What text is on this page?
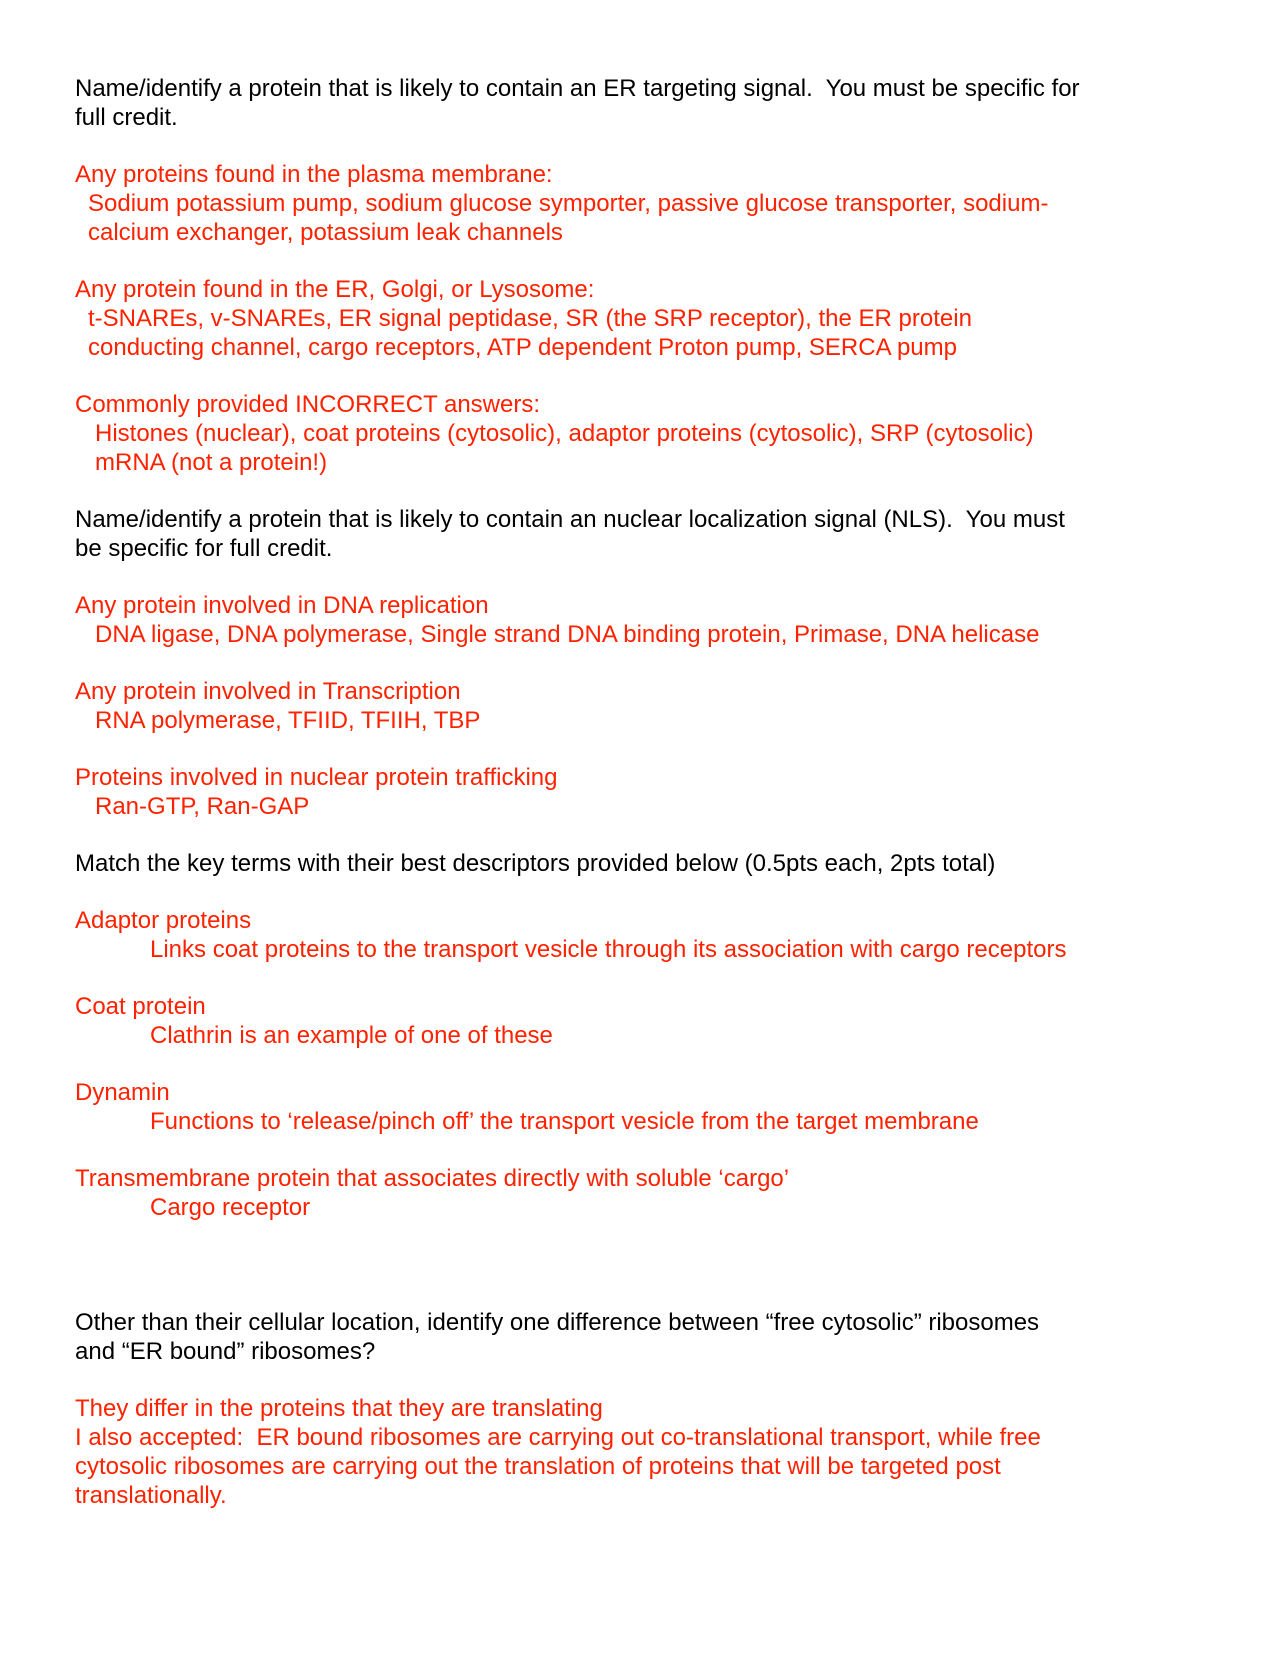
Name/identify a protein that is likely to contain an ER targeting signal.  You must be specific for

full credit.

Any proteins found in the plasma membrane:

Sodium potassium pump, sodium glucose symporter, passive glucose transporter, sodium-

calcium exchanger, potassium leak channels

Any protein found in the ER, Golgi, or Lysosome:

t-SNAREs, v-SNAREs, ER signal peptidase, SR (the SRP receptor), the ER protein

conducting channel, cargo receptors, ATP dependent Proton pump, SERCA pump

Commonly provided INCORRECT answers:

Histones (nuclear), coat proteins (cytosolic), adaptor proteins (cytosolic), SRP (cytosolic)

mRNA (not a protein!)

Name/identify a protein that is likely to contain an nuclear localization signal (NLS).  You must

be specific for full credit.

Any protein involved in DNA replication

DNA ligase, DNA polymerase, Single strand DNA binding protein, Primase, DNA helicase

Any protein involved in Transcription

RNA polymerase, TFIID, TFIIH, TBP

Proteins involved in nuclear protein trafficking

Ran-GTP, Ran-GAP

Match the key terms with their best descriptors provided below (0.5pts each, 2pts total)

Adaptor proteins

Links coat proteins to the transport vesicle through its association with cargo receptors

Coat protein

Clathrin is an example of one of these

Dynamin

Functions to ‘release/pinch off’ the transport vesicle from the target membrane

Transmembrane protein that associates directly with soluble ‘cargo’

Cargo receptor

Other than their cellular location, identify one difference between “free cytosolic” ribosomes

and “ER bound” ribosomes?

They differ in the proteins that they are translating

I also accepted:  ER bound ribosomes are carrying out co-translational transport, while free

cytosolic ribosomes are carrying out the translation of proteins that will be targeted post

translationally.
